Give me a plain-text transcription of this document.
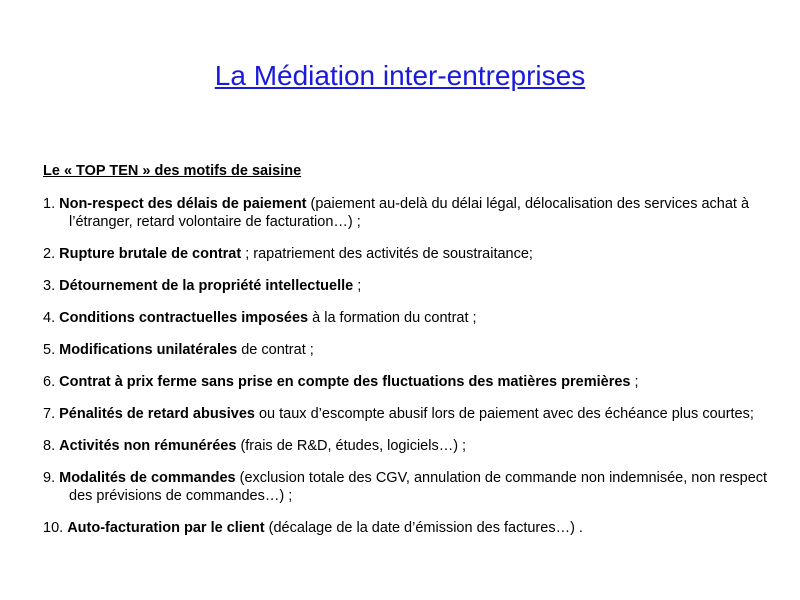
La Médiation inter-entreprises
Le « TOP TEN » des motifs de saisine
1. Non-respect des délais de paiement (paiement au-delà du délai légal, délocalisation des services achat à l’étranger, retard volontaire de facturation…) ;
2. Rupture brutale de contrat ; rapatriement des activités de soustraitance;
3. Détournement de la propriété intellectuelle ;
4. Conditions contractuelles imposées à la formation du contrat ;
5. Modifications unilatérales de contrat ;
6. Contrat à prix ferme sans prise en compte des fluctuations des matières premières ;
7. Pénalités de retard abusives ou taux d’escompte abusif lors de paiement avec des échéance plus courtes;
8. Activités non rémunérées (frais de R&D, études, logiciels…) ;
9. Modalités de commandes (exclusion totale des CGV, annulation de commande non indemnisée, non respect des prévisions de commandes…) ;
10. Auto-facturation par le client (décalage de la date d’émission des factures…) .
